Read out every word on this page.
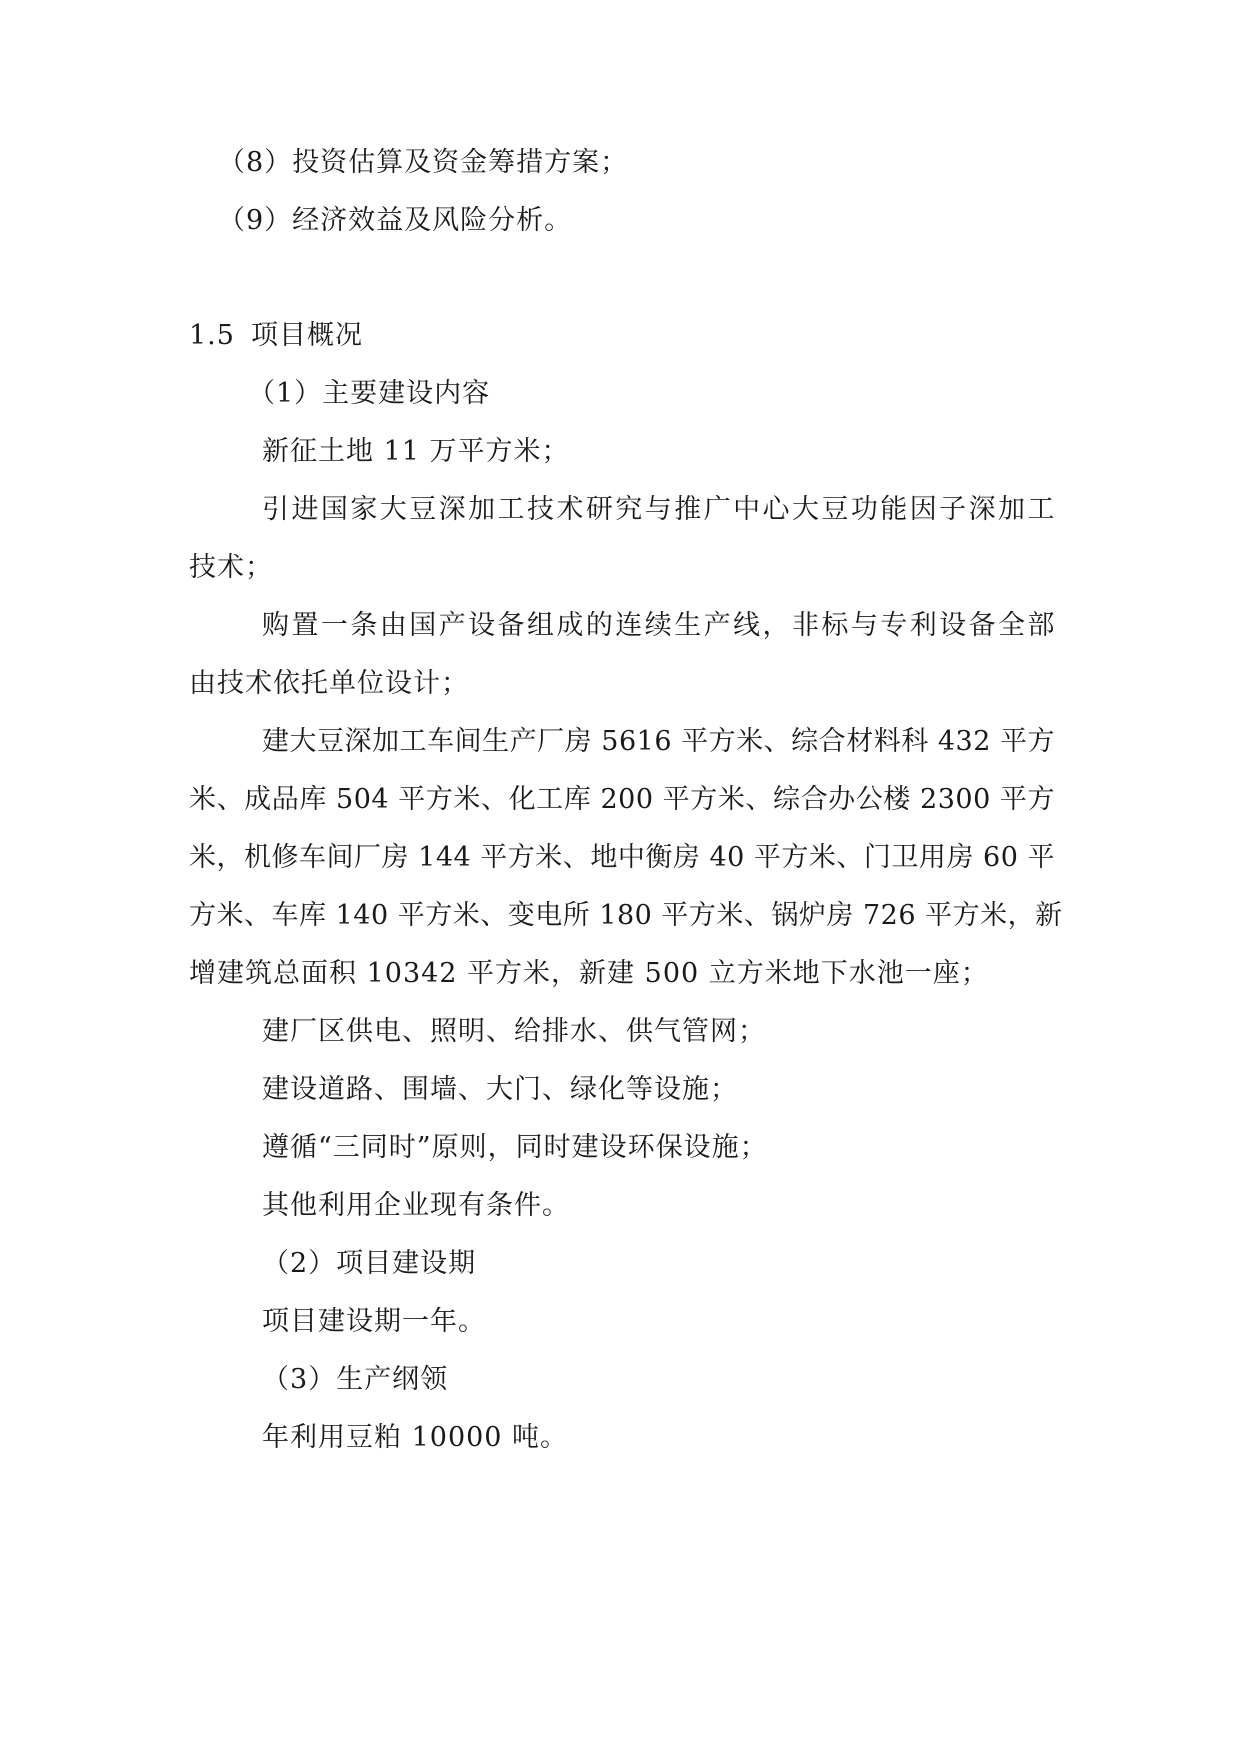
（8）投资估算及资金筹措方案；
（9）经济效益及风险分析。
1.5 项目概况
（1）主要建设内容
新征土地 11 万平方米；
引进国家大豆深加工技术研究与推广中心大豆功能因子深加工
技术；
购置一条由国产设备组成的连续生产线，非标与专利设备全部
由技术依托单位设计；
建大豆深加工车间生产厂房 5616 平方米、综合材料科 432 平方
米、成品库 504 平方米、化工库 200 平方米、综合办公楼 2300 平方
米，机修车间厂房 144 平方米、地中衡房 40 平方米、门卫用房 60 平
方米、车库 140 平方米、变电所 180 平方米、锅炉房 726 平方米，新
增建筑总面积 10342 平方米，新建 500 立方米地下水池一座；
建厂区供电、照明、给排水、供气管网；
建设道路、围墙、大门、绿化等设施；
遵循“三同时”原则，同时建设环保设施；
其他利用企业现有条件。
（2）项目建设期
项目建设期一年。
（3）生产纲领
年利用豆粕 10000 吨。
